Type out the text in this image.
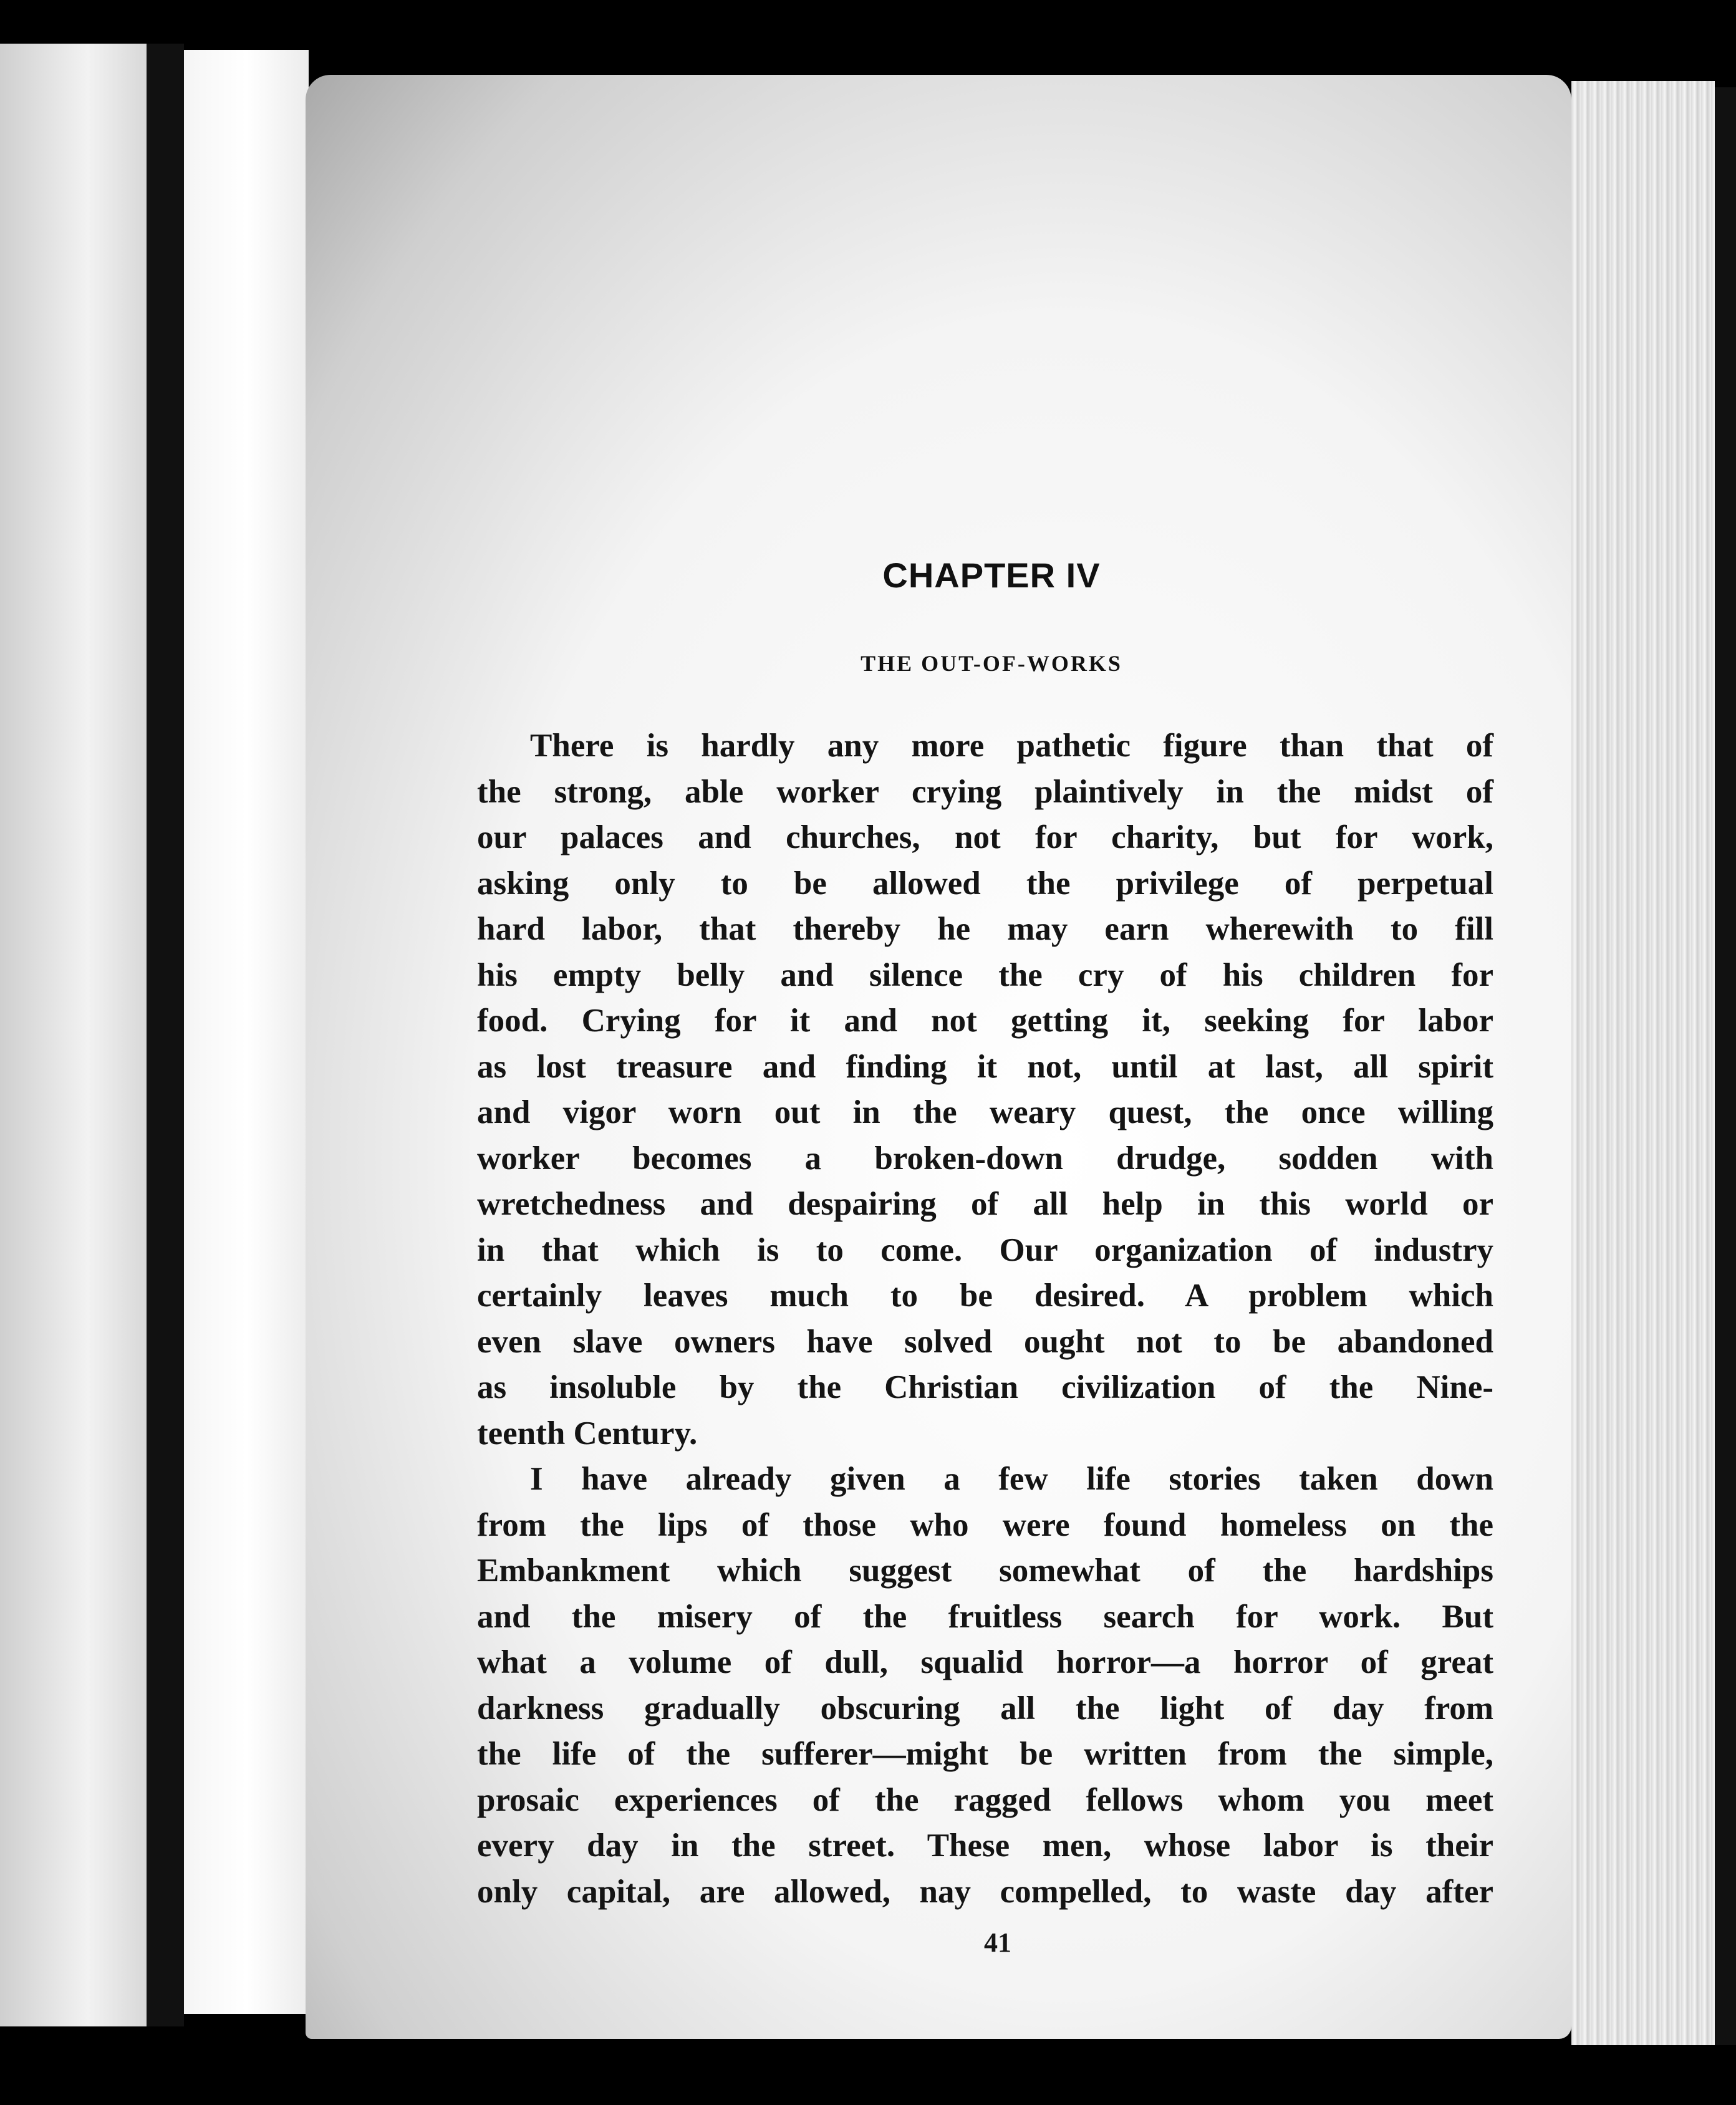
CHAPTER IV
THE OUT-OF-WORKS
There is hardly any more pathetic figure than that of
the strong, able worker crying plaintively in the midst of
our palaces and churches, not for charity, but for work,
asking only to be allowed the privilege of perpetual
hard labor, that thereby he may earn wherewith to fill
his empty belly and silence the cry of his children for
food. Crying for it and not getting it, seeking for labor
as lost treasure and finding it not, until at last, all spirit
and vigor worn out in the weary quest, the once willing
worker becomes a broken-down drudge, sodden with
wretchedness and despairing of all help in this world or
in that which is to come. Our organization of industry
certainly leaves much to be desired. A problem which
even slave owners have solved ought not to be abandoned
as insoluble by the Christian civilization of the Nine-
teenth Century.
I have already given a few life stories taken down
from the lips of those who were found homeless on the
Embankment which suggest somewhat of the hardships
and the misery of the fruitless search for work. But
what a volume of dull, squalid horror—a horror of great
darkness gradually obscuring all the light of day from
the life of the sufferer—might be written from the simple,
prosaic experiences of the ragged fellows whom you meet
every day in the street. These men, whose labor is their
only capital, are allowed, nay compelled, to waste day after
41
